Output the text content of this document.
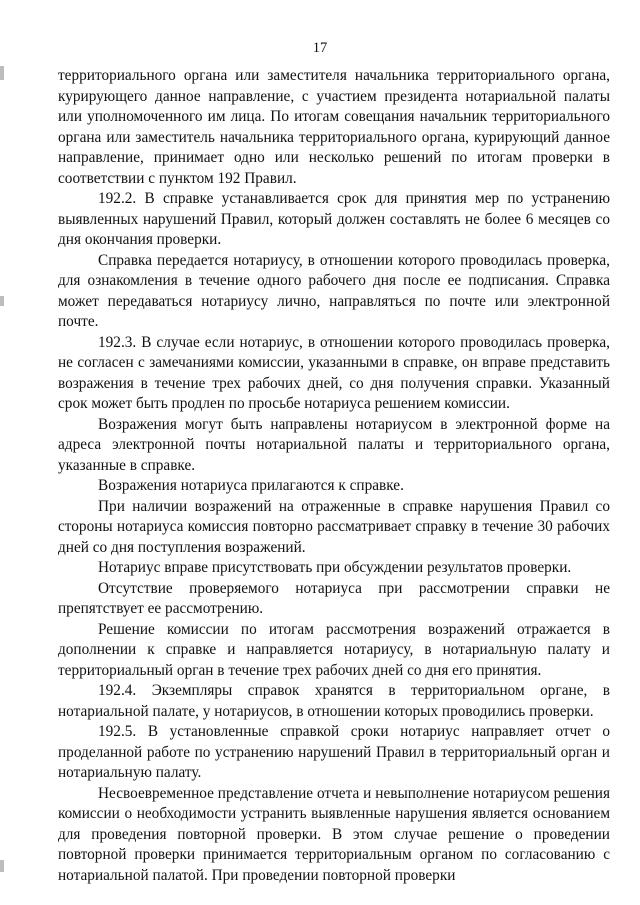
17

территориального органа или заместителя начальника территориального органа, курирующего данное направление, с участием президента нотариальной палаты или уполномоченного им лица. По итогам совещания начальник территориального органа или заместитель начальника территориального органа, курирующий данное направление, принимает одно или несколько решений по итогам проверки в соответствии с пунктом 192 Правил.

192.2. В справке устанавливается срок для принятия мер по устранению выявленных нарушений Правил, который должен составлять не более 6 месяцев со дня окончания проверки.

Справка передается нотариусу, в отношении которого проводилась проверка, для ознакомления в течение одного рабочего дня после ее подписания. Справка может передаваться нотариусу лично, направляться по почте или электронной почте.

192.3. В случае если нотариус, в отношении которого проводилась проверка, не согласен с замечаниями комиссии, указанными в справке, он вправе представить возражения в течение трех рабочих дней, со дня получения справки. Указанный срок может быть продлен по просьбе нотариуса решением комиссии.

Возражения могут быть направлены нотариусом в электронной форме на адреса электронной почты нотариальной палаты и территориального органа, указанные в справке.

Возражения нотариуса прилагаются к справке.

При наличии возражений на отраженные в справке нарушения Правил со стороны нотариуса комиссия повторно рассматривает справку в течение 30 рабочих дней со дня поступления возражений.

Нотариус вправе присутствовать при обсуждении результатов проверки.

Отсутствие проверяемого нотариуса при рассмотрении справки не препятствует ее рассмотрению.

Решение комиссии по итогам рассмотрения возражений отражается в дополнении к справке и направляется нотариусу, в нотариальную палату и территориальный орган в течение трех рабочих дней со дня его принятия.

192.4. Экземпляры справок хранятся в территориальном органе, в нотариальной палате, у нотариусов, в отношении которых проводились проверки.

192.5. В установленные справкой сроки нотариус направляет отчет о проделанной работе по устранению нарушений Правил в территориальный орган и нотариальную палату.

Несвоевременное представление отчета и невыполнение нотариусом решения комиссии о необходимости устранить выявленные нарушения является основанием для проведения повторной проверки. В этом случае решение о проведении повторной проверки принимается территориальным органом по согласованию с нотариальной палатой. При проведении повторной проверки
